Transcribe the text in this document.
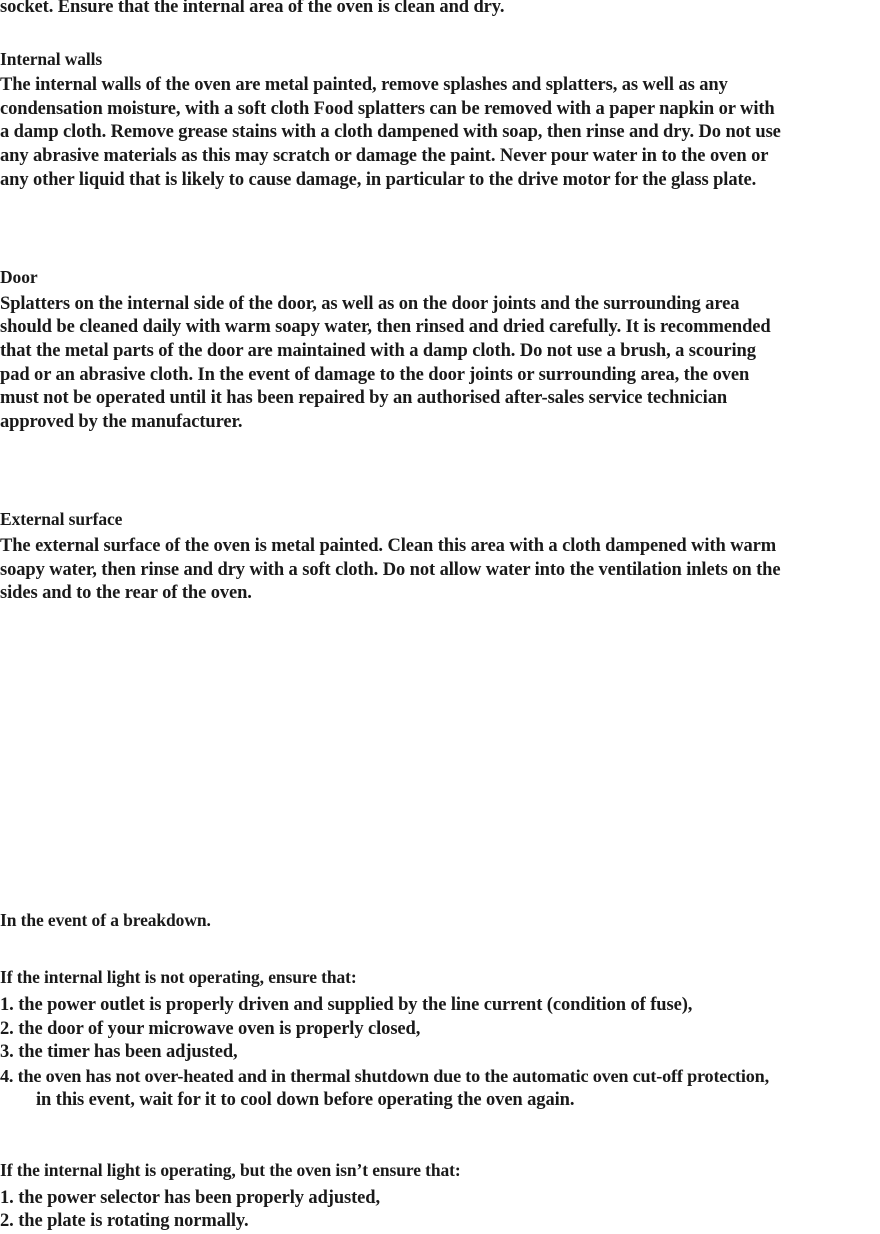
socket. Ensure that the internal area of the oven is clean and dry.

Internal walls

The internal walls of the oven are metal painted, remove splashes and splatters, as well as any

condensation moisture, with a soft cloth Food splatters can be removed with a paper napkin or with

a damp cloth. Remove grease stains with a cloth dampened with soap, then rinse and dry. Do not use

any abrasive materials as this may scratch or damage the paint. Never pour water in to the oven or

any other liquid that is likely to cause damage, in particular to the drive motor for the glass plate.

Door

Splatters on the internal side of the door, as well as on the door joints and the surrounding area

should be cleaned daily with warm soapy water, then rinsed and dried carefully. It is recommended

that the metal parts of the door are maintained with a damp cloth. Do not use a brush, a scouring

pad or an abrasive cloth. In the event of damage to the door joints or surrounding area, the oven

must not be operated until it has been repaired by an authorised after-sales service technician

approved by the manufacturer.

External surface

The external surface of the oven is metal painted. Clean this area with a cloth dampened with warm

soapy water, then rinse and dry with a soft cloth. Do not allow water into the ventilation inlets on the

sides and to the rear of the oven.

In the event of a breakdown.

If the internal light is not operating, ensure that:

1. the power outlet is properly driven and supplied by the line current (condition of fuse),

2. the door of your microwave oven is properly closed,

3. the timer has been adjusted,

4. the oven has not over-heated and in thermal shutdown due to the automatic oven cut-off protection,

in this event, wait for it to cool down before operating the oven again.

If the internal light is operating, but the oven isn’t ensure that:

1. the power selector has been properly adjusted,

2. the plate is rotating normally.
